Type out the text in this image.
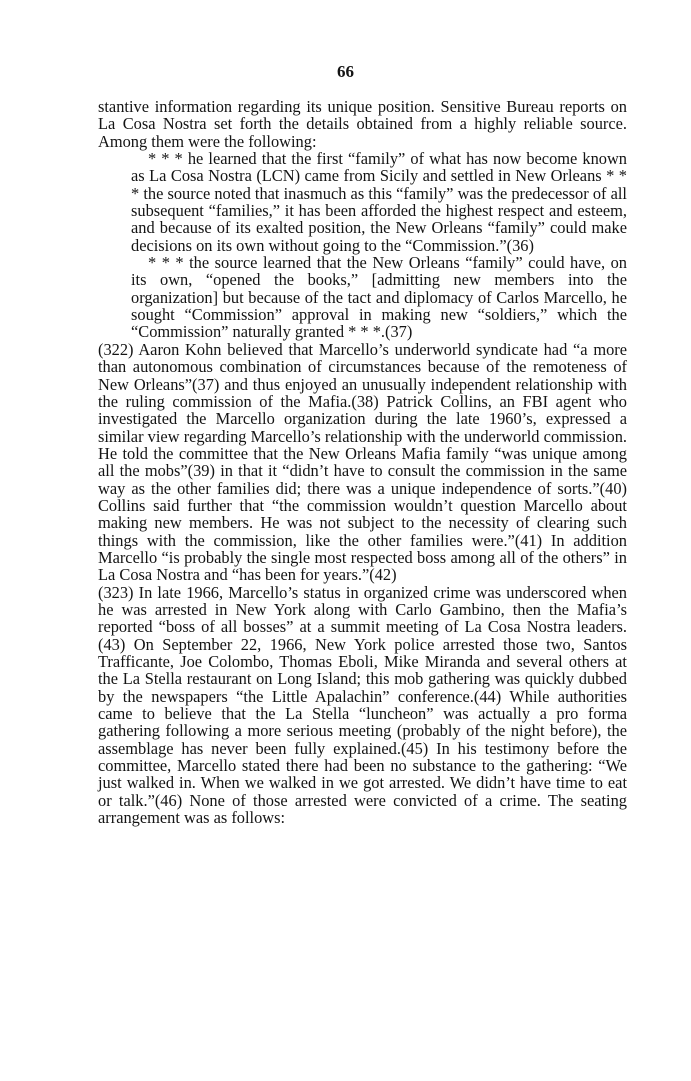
66

stantive information regarding its unique position. Sensitive Bureau reports on La Cosa Nostra set forth the details obtained from a highly reliable source. Among them were the following:

* * * he learned that the first “family” of what has now become known as La Cosa Nostra (LCN) came from Sicily and settled in New Orleans * * * the source noted that inasmuch as this “family” was the predecessor of all subsequent “families,” it has been afforded the highest respect and esteem, and because of its exalted position, the New Orleans “family” could make decisions on its own without going to the “Commission.”(36)

* * * the source learned that the New Orleans “family” could have, on its own, “opened the books,” [admitting new members into the organization] but because of the tact and diplomacy of Carlos Marcello, he sought “Commission” approval in making new “soldiers,” which the “Commission” naturally granted * * *.(37)

(322) Aaron Kohn believed that Marcello’s underworld syndicate had “a more than autonomous combination of circumstances because of the remoteness of New Orleans”(37) and thus enjoyed an unusually independent relationship with the ruling commission of the Mafia.(38) Patrick Collins, an FBI agent who investigated the Marcello organization during the late 1960’s, expressed a similar view regarding Marcello’s relationship with the underworld commission. He told the committee that the New Orleans Mafia family “was unique among all the mobs”(39) in that it “didn’t have to consult the commission in the same way as the other families did; there was a unique independence of sorts.”(40) Collins said further that “the commission wouldn’t question Marcello about making new members. He was not subject to the necessity of clearing such things with the commission, like the other families were.”(41) In addition Marcello “is probably the single most respected boss among all of the others” in La Cosa Nostra and “has been for years.”(42)

(323) In late 1966, Marcello’s status in organized crime was underscored when he was arrested in New York along with Carlo Gambino, then the Mafia’s reported “boss of all bosses” at a summit meeting of La Cosa Nostra leaders.(43) On September 22, 1966, New York police arrested those two, Santos Trafficante, Joe Colombo, Thomas Eboli, Mike Miranda and several others at the La Stella restaurant on Long Island; this mob gathering was quickly dubbed by the newspapers “the Little Apalachin” conference.(44) While authorities came to believe that the La Stella “luncheon” was actually a pro forma gathering following a more serious meeting (probably of the night before), the assemblage has never been fully explained.(45) In his testimony before the committee, Marcello stated there had been no substance to the gathering: “We just walked in. When we walked in we got arrested. We didn’t have time to eat or talk.”(46) None of those arrested were convicted of a crime. The seating arrangement was as follows:
